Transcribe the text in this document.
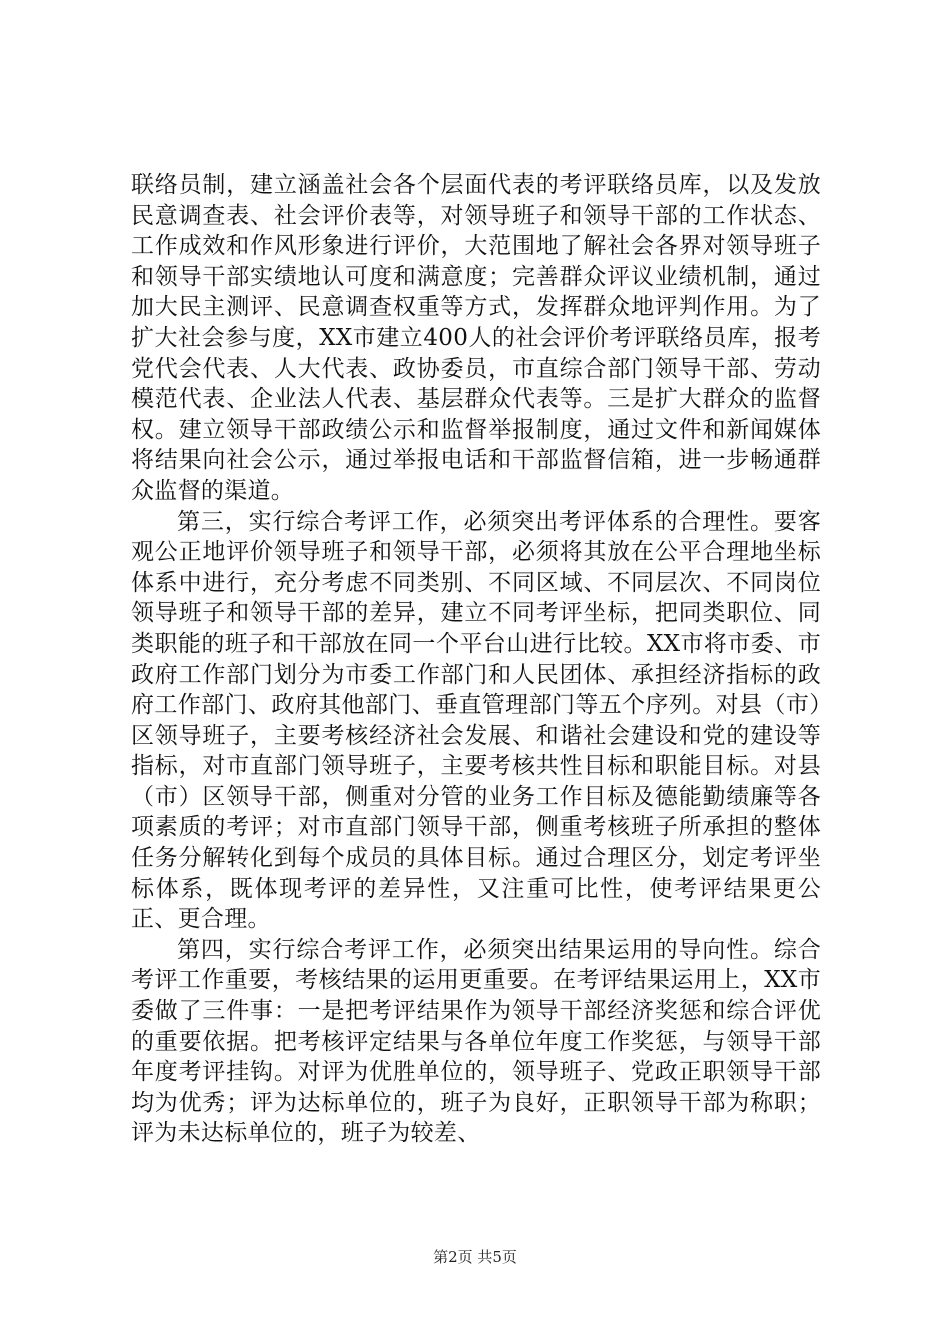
联络员制，建立涵盖社会各个层面代表的考评联络员库，以及发放民意调查表、社会评价表等，对领导班子和领导干部的工作状态、工作成效和作风形象进行评价，大范围地了解社会各界对领导班子和领导干部实绩地认可度和满意度；完善群众评议业绩机制，通过加大民主测评、民意调查权重等方式，发挥群众地评判作用。为了扩大社会参与度，XX市建立400人的社会评价考评联络员库，报考党代会代表、人大代表、政协委员，市直综合部门领导干部、劳动模范代表、企业法人代表、基层群众代表等。三是扩大群众的监督权。建立领导干部政绩公示和监督举报制度，通过文件和新闻媒体将结果向社会公示，通过举报电话和干部监督信箱，进一步畅通群众监督的渠道。

第三，实行综合考评工作，必须突出考评体系的合理性。要客观公正地评价领导班子和领导干部，必须将其放在公平合理地坐标体系中进行，充分考虑不同类别、不同区域、不同层次、不同岗位领导班子和领导干部的差异，建立不同考评坐标，把同类职位、同类职能的班子和干部放在同一个平台山进行比较。XX市将市委、市政府工作部门划分为市委工作部门和人民团体、承担经济指标的政府工作部门、政府其他部门、垂直管理部门等五个序列。对县（市）区领导班子，主要考核经济社会发展、和谐社会建设和党的建设等指标，对市直部门领导班子，主要考核共性目标和职能目标。对县（市）区领导干部，侧重对分管的业务工作目标及德能勤绩廉等各项素质的考评；对市直部门领导干部，侧重考核班子所承担的整体任务分解转化到每个成员的具体目标。通过合理区分，划定考评坐标体系，既体现考评的差异性，又注重可比性，使考评结果更公正、更合理。

第四，实行综合考评工作，必须突出结果运用的导向性。综合考评工作重要，考核结果的运用更重要。在考评结果运用上，XX市委做了三件事：一是把考评结果作为领导干部经济奖惩和综合评优的重要依据。把考核评定结果与各单位年度工作奖惩，与领导干部年度考评挂钩。对评为优胜单位的，领导班子、党政正职领导干部均为优秀；评为达标单位的，班子为良好，正职领导干部为称职；评为未达标单位的，班子为较差、

第2页 共5页
